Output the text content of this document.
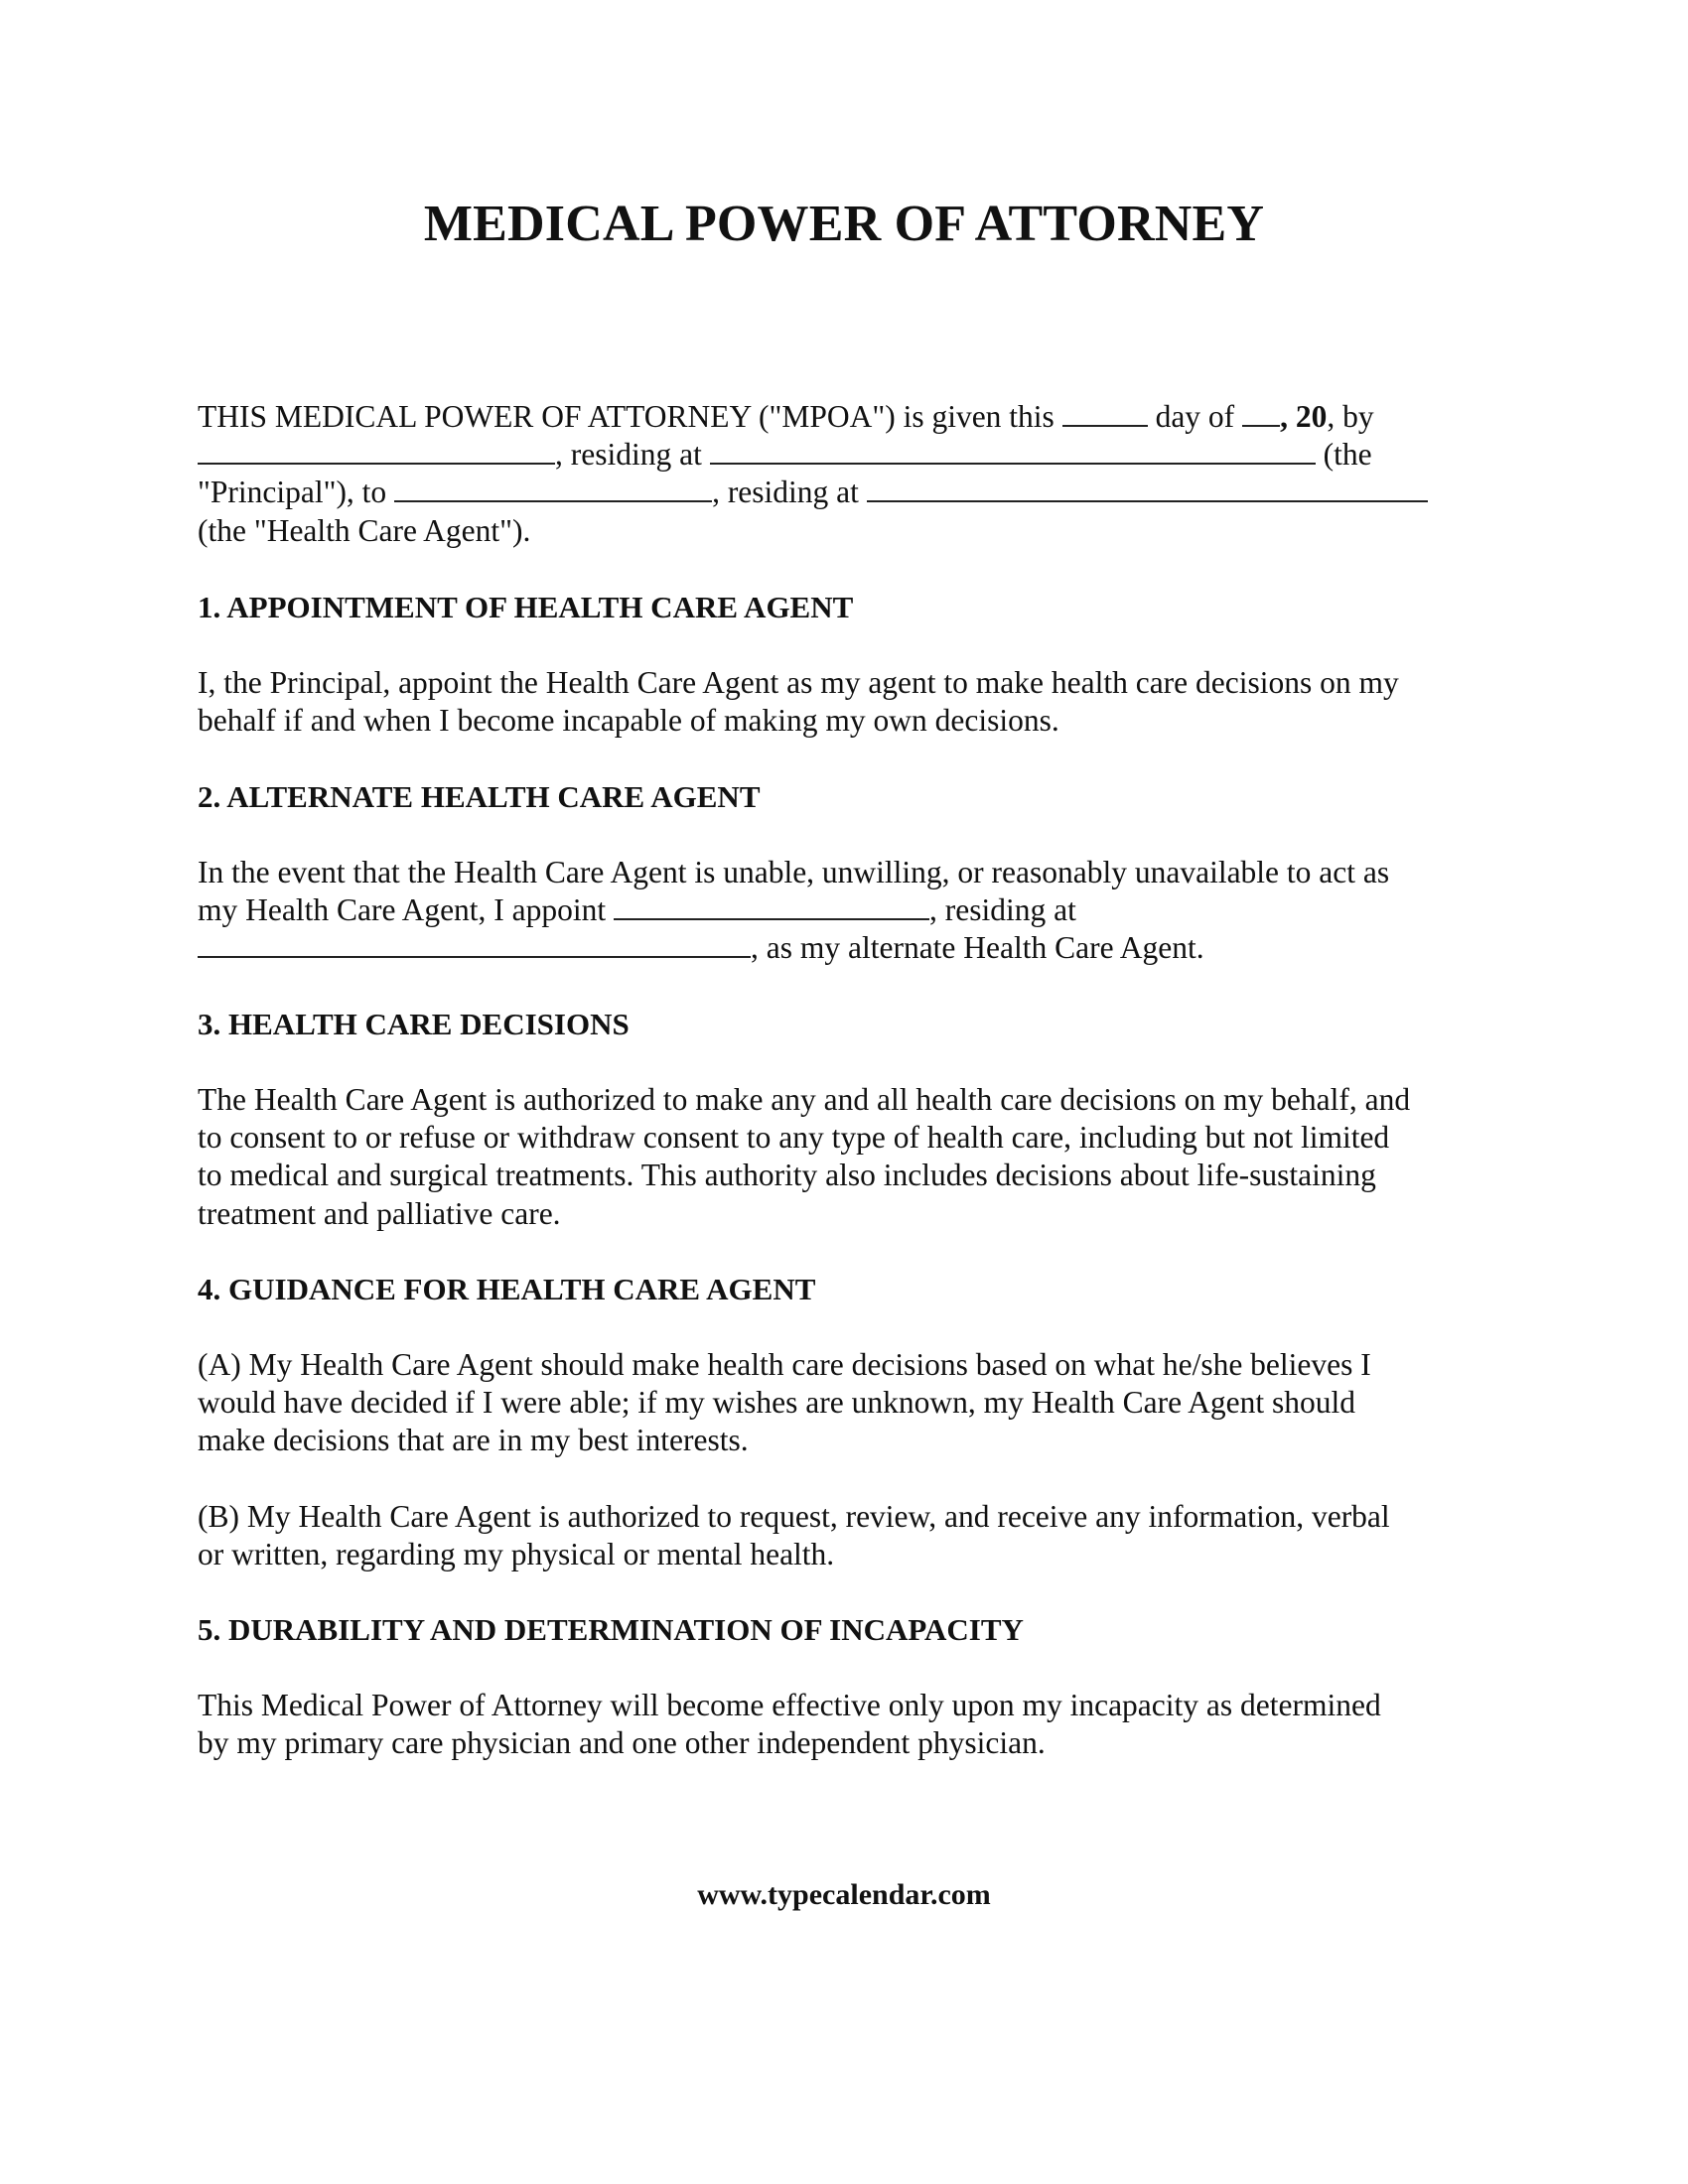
MEDICAL POWER OF ATTORNEY
THIS MEDICAL POWER OF ATTORNEY ("MPOA") is given this	day of , 20, by
, residing at	(the
"Principal"), to	, residing at
(the "Health Care Agent").
1. APPOINTMENT OF HEALTH CARE AGENT
I, the Principal, appoint the Health Care Agent as my agent to make health care decisions on my
behalf if and when I become incapable of making my own decisions.
2. ALTERNATE HEALTH CARE AGENT
In the event that the Health Care Agent is unable, unwilling, or reasonably unavailable to act as
my Health Care Agent, I appoint	, residing at
, as my alternate Health Care Agent.
3. HEALTH CARE DECISIONS
The Health Care Agent is authorized to make any and all health care decisions on my behalf, and
to consent to or refuse or withdraw consent to any type of health care, including but not limited
to medical and surgical treatments. This authority also includes decisions about life-sustaining
treatment and palliative care.
4. GUIDANCE FOR HEALTH CARE AGENT
(A) My Health Care Agent should make health care decisions based on what he/she believes I
would have decided if I were able; if my wishes are unknown, my Health Care Agent should
make decisions that are in my best interests.
(B) My Health Care Agent is authorized to request, review, and receive any information, verbal
or written, regarding my physical or mental health.
5. DURABILITY AND DETERMINATION OF INCAPACITY
This Medical Power of Attorney will become effective only upon my incapacity as determined
by my primary care physician and one other independent physician.
www.typecalendar.com
